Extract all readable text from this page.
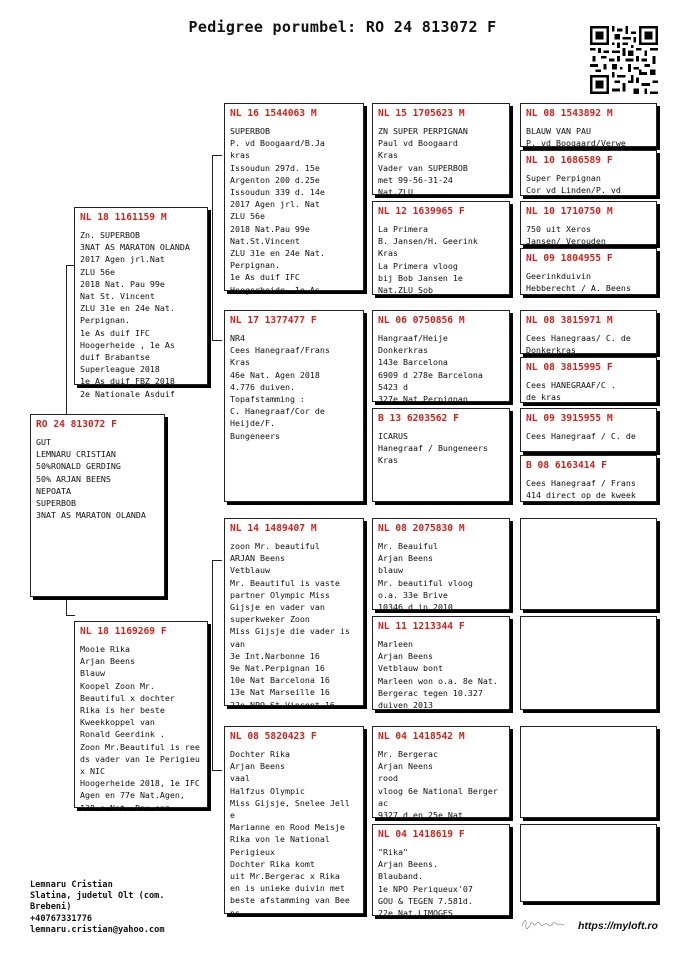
Pedigree porumbel: RO 24 813072 F
RO 24 813072 F
GUT
LEMNARU CRISTIAN
50%RONALD GERDING
50% ARJAN BEENS
NEPOATA
SUPERBOB
3NAT AS MARATON OLANDA
NL 18 1161159 M
Zn. SUPERBOB
3NAT AS MARATON OLANDA
2017 Agen jrl.Nat
ZLU 56e
2018 Nat. Pau 99e
Nat St. Vincent
ZLU 31e en 24e Nat.
Perpignan.
1e As duif IFC
Hoogerheide , 1e As
duif Brabantse
Superleague 2018
1e As duif FBZ 2018
2e Nationale Asduif
NL 18 1169269 F
Mooie Rika
Arjan Beens
Blauw
Koopel Zoon Mr.
Beautiful x dochter
Rika is her beste
Kweekkoppel van
Ronald Geerdink .
Zoon Mr.Beautiful is ree
ds vader van 1e Perigieu
x NIC
Hoogerheide 2018, 1e IFC
Agen en 77e Nat.Agen,
138 e Nat. Pau enz
NL 16 1544063 M
SUPERBOB
P. vd Boogaard/B.Ja
kras
Issoudun 297d. 15e
Argenton 200 d.25e
Issoudun 339 d. 14e
2017 Agen jrl. Nat
ZLU 56e
2018 Nat.Pau 99e
Nat.St.Vincent
ZLU 31e en 24e Nat.
Perpignan.
1e As duif IFC
Hoogerheide, 1e As
NL 17 1377477 F
NR4
Cees Hanegraaf/Frans
Kras
46e Nat. Agen 2018
4.776 duiven.
Topafstamming :
C. Hanegraaf/Cor de
Heijde/F.
Bungeneers
NL 14 1489407 M
zoon Mr. beautiful
ARJAN Beens
Vetblauw
Mr. Beautiful is vaste
partner Olympic Miss
Gijsje en vader van
superkweker Zoon
Miss Gijsje die vader is
van
3e Int.Narbonne 16
9e Nat.Perpignan 16
10e Nat Barcelona 16
13e Nat Marseille 16
22e NPO St.Vincent 16
NL 08 5820423 F
Dochter Rika
Arjan Beens
vaal
Halfzus Olympic
Miss Gijsje, Snelee Jell
e
Marianne en Rood Meisje
Rika von le National
Perigieux
Dochter Rika komt
uit Mr.Bergerac x Rika
en is unieke duivin met
beste afstamming van Bee
ns
NL 15 1705623 M
ZN SUPER PERPIGNAN
Paul vd Boogaard
Kras
Vader van SUPERBOB
met 99-56-31-24
Nat.ZLU
NL 12 1639965 F
La Primera
B. Jansen/H. Geerink
Kras
La Primera vloog
bij Bob Jansen 1e
Nat.ZLU Sob
NL 06 0750856 M
Hangraaf/Heije
Donkerkras
143e Barcelona
6909 d 278e Barcelona
5423 d
327e Nat Perpignan
B 13 6203562 F
ICARUS
Hanegraaf / Bungeneers
Kras
NL 08 2075830 M
Mr. Beauiful
Arjan Beens
blauw
Mr. beautiful vloog
o.a. 33e Brive
10346 d in 2010
NL 11 1213344 F
Marleen
Arjan Beens
Vetblauw bont
Marleen won o.a. 8e Nat.
Bergerac tegen 10.327
duiven 2013
NL 04 1418542 M
Mr. Bergerac
Arjan Neens
rood
vloog 6e National Berger
ac
9327 d en 25e Nat
NL 04 1418619 F
"Rika"
Arjan Beens.
Blauband.
1e NPO Periqueux'07
GOU & TEGEN 7.581d.
22e Nat.LIMOGES
NL 08 1543892 M
BLAUW VAN PAU
P. vd Boogaard/Verwe
NL 10 1686589 F
Super Perpignan
Cor vd Linden/P. vd
NL 10 1710750 M
750 uit Xeros
Jansen/ Verouden
NL 09 1804955 F
Geerinkduivin
Hebberecht / A. Beens
NL 08 3815971 M
Cees Hanegraas/ C. de
Donkerkras
NL 08 3815995 F
Cees HANEGRAAF/C .
de kras
NL 09 3915955 M
Cees Hanegraaf / C. de
B 08 6163414 F
Cees Hanegraaf / Frans
414 direct op de kweek
Lemnaru Cristian
Slatina, judetul Olt (com.
Brebeni)
+40767331776
lemnaru.cristian@yahoo.com	https://myloft.ro
